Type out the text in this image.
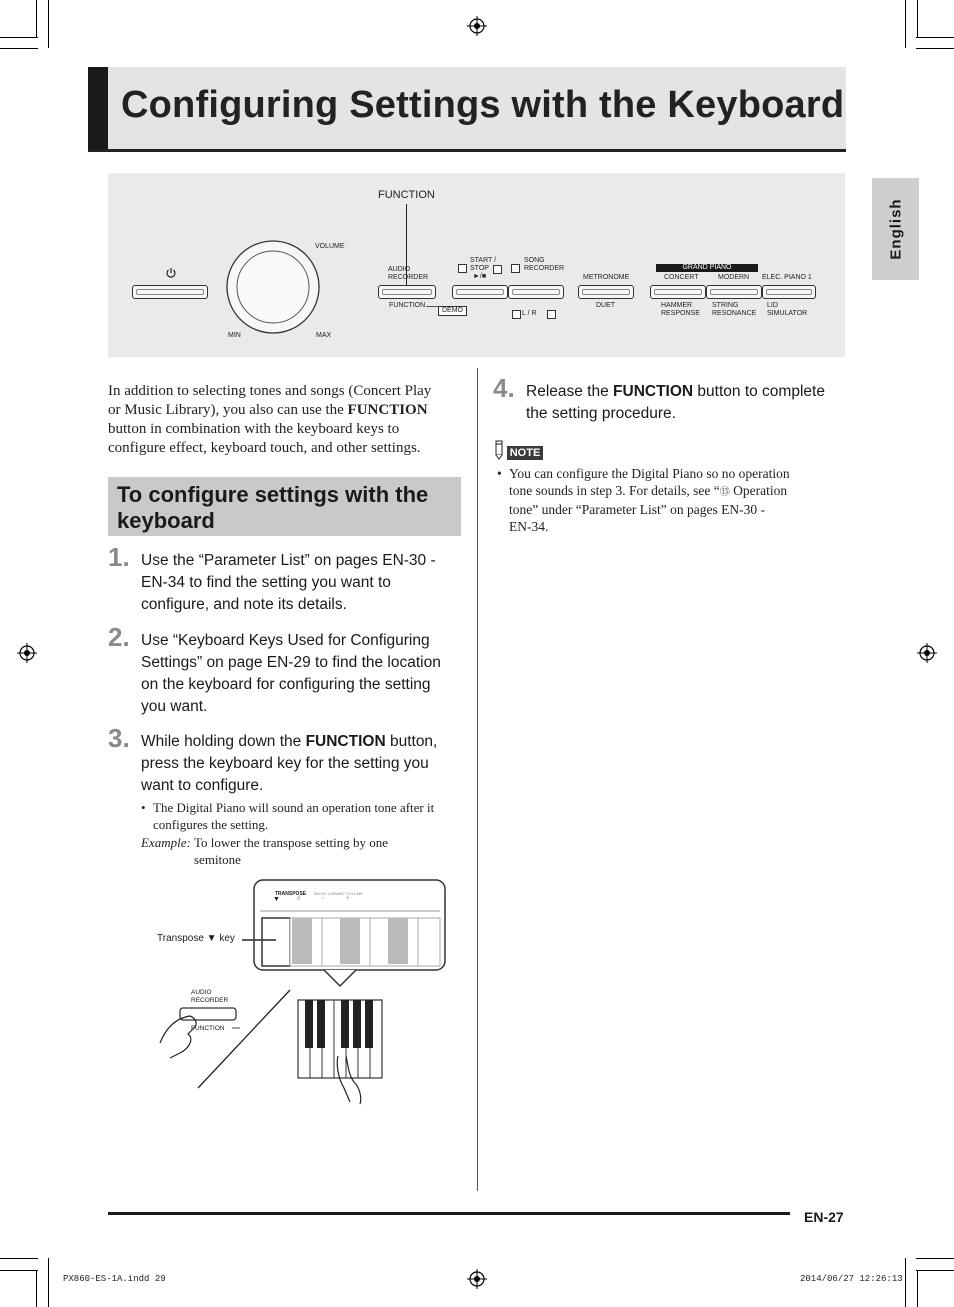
Configuring Settings with the Keyboard
English
FUNCTION
VOLUME
MIN	MAX
AUDIO
RECORDER
FUNCTION
DEMO
START /
STOP
►/■
SONG
RECORDER
L / R
METRONOME
DUET
GRAND PIANO
CONCERT	MODERN ELEC. PIANO 1
HAMMER
RESPONSE
STRING
RESONANCE
LID
SIMULATOR
In addition to selecting tones and songs (Concert Play
or Music Library), you also can use the FUNCTION
button in combination with the keyboard keys to
configure effect, keyboard touch, and other settings.
To configure settings with the keyboard
1. Use the “Parameter List” on pages EN-30 -
EN-34 to find the setting you want to
configure, and note its details.
2. Use “Keyboard Keys Used for Configuring
Settings” on page EN-29 to find the location
on the keyboard for configuring the setting
you want.
3. While holding down the FUNCTION button,
press the keyboard key for the setting you
want to configure.
• The Digital Piano will sound an operation tone after it
configures the setting.
Example: To lower the transpose setting by one
semitone
Transpose ▼ key
TRANSPOSE
▼	♯
MUSIC LIBRARY VOLUME
−	+
AUDIO
RECORDER
FUNCTION
4. Release the FUNCTION button to complete
the setting procedure.
NOTE
• You can configure the Digital Piano so no operation
tone sounds in step 3. For details, see “⑬ Operation
tone” under “Parameter List” on pages EN-30 -
EN-34.
EN-27
PX860-ES-1A.indd 29	2014/06/27 12:26:13
